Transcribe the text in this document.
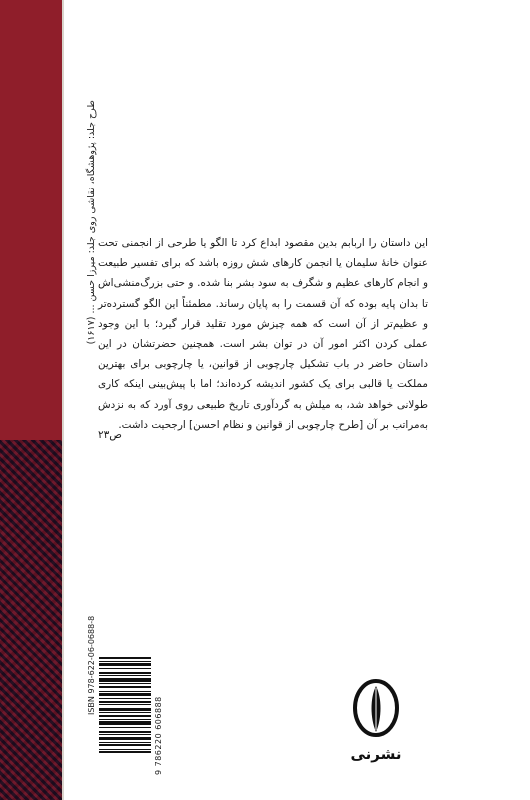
طرح جلد: پژوهشگاه، نقاشی روی جلد: میرزا حسن ... (۱۶۱۷) این داستان را اربابم بدین مقصود ابداع کرد تا الگو یا طرحی از انجمنی تحت عنوان خانهٔ سلیمان یا انجمن کارهای شش روزه باشد که برای تفسیر طبیعت و انجام کارهای عظیم و شگرف به سود بشر بنا شده. و حتی بزرگ‌منشی‌اش تا بدان پایه بوده که آن قسمت را به پایان رساند. مطمئناً این الگو گسترده‌تر و عظیم‌تر از آن است که همه چیزش مورد تقلید قرار گیرد؛ با این وجود عملی کردن اکثر امور آن در توان بشر است. همچنین حضرتشان در این داستان حاضر در باب تشکیل چارچوبی از قوانین، یا چارچوبی برای بهترین مملکت یا قالبی برای یک کشور اندیشه کرده‌اند؛ اما با پیش‌بینی اینکه کاری طولانی خواهد شد، به میلش به گردآوری تاریخ طبیعی روی آورد که به نزدش به‌مراتب بر آن [طرح چارچوبی از قوانین و نظام احسن] ارجحیت داشت.
ص۲۳
ISBN 978-622-06-0688-8
9 786220 606888	نشرنی
